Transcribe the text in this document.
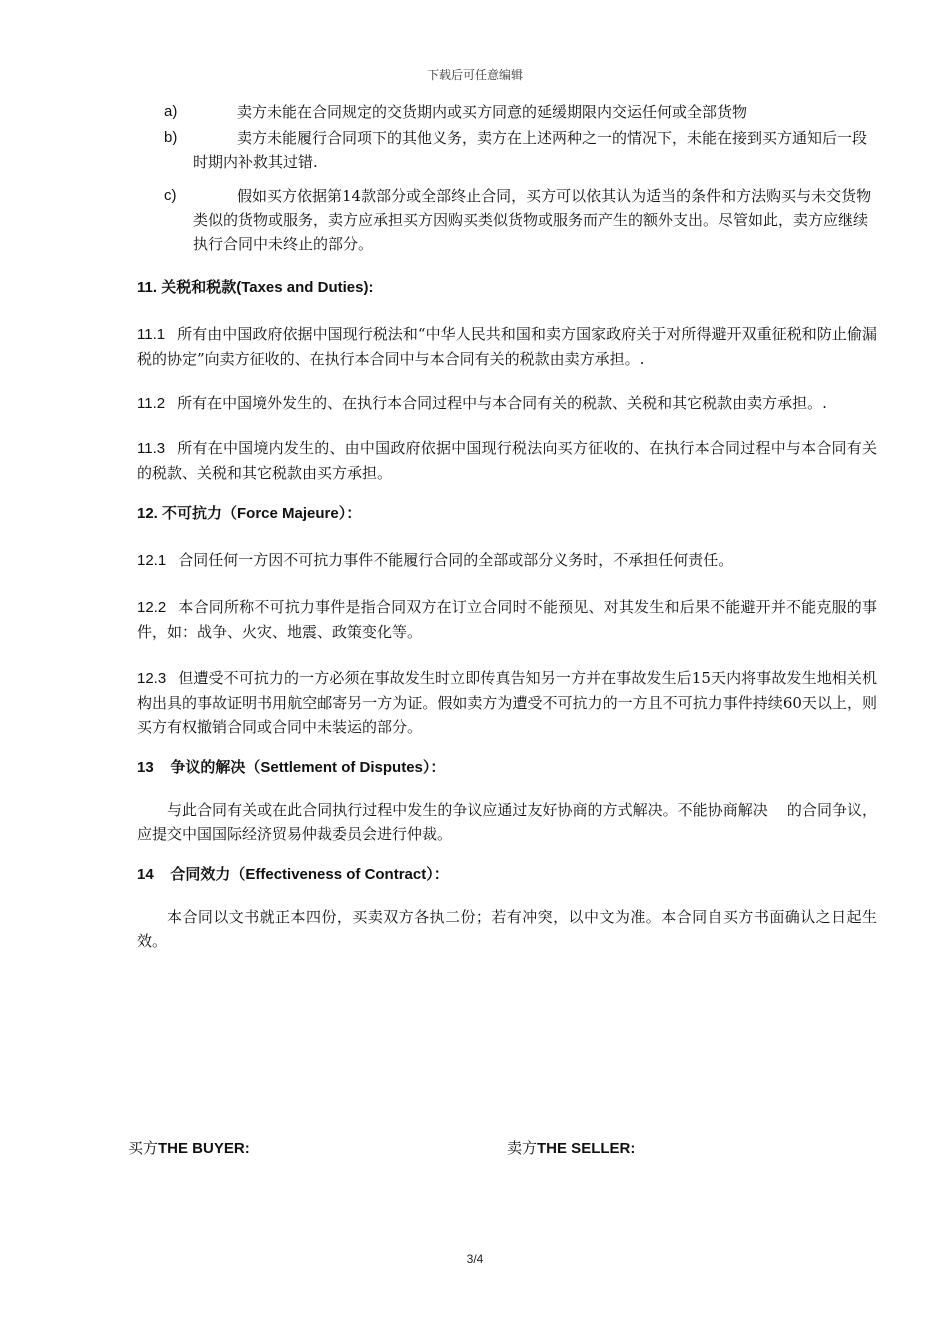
下载后可任意编辑
a)	卖方未能在合同规定的交货期内或买方同意的延缓期限内交运任何或全部货物
b)	卖方未能履行合同项下的其他义务，卖方在上述两种之一的情况下，未能在接到买方通知后一段时期内补救其过错.
c)	假如买方依据第14款部分或全部终止合同，买方可以依其认为适当的条件和方法购买与未交货物类似的货物或服务，卖方应承担买方因购买类似货物或服务而产生的额外支出。尽管如此，卖方应继续执行合同中未终止的部分。
11. 关税和税款(Taxes and Duties):
11.1 所有由中国政府依据中国现行税法和“中华人民共和国和卖方国家政府关于对所得避开双重征税和防止偷漏税的协定”向卖方征收的、在执行本合同中与本合同有关的税款由卖方承担。.
11.2 所有在中国境外发生的、在执行本合同过程中与本合同有关的税款、关税和其它税款由卖方承担。.
11.3 所有在中国境内发生的、由中国政府依据中国现行税法向买方征收的、在执行本合同过程中与本合同有关的税款、关税和其它税款由买方承担。
12. 不可抗力（Force Majeure）：
12.1 合同任何一方因不可抗力事件不能履行合同的全部或部分义务时，不承担任何责任。
12.2 本合同所称不可抗力事件是指合同双方在订立合同时不能预见、对其发生和后果不能避开并不能克服的事件，如：战争、火灾、地震、政策变化等。
12.3 但遭受不可抗力的一方必须在事故发生时立即传真告知另一方并在事故发生后15天内将事故发生地相关机构出具的事故证明书用航空邮寄另一方为证。假如卖方为遭受不可抗力的一方且不可抗力事件持续60天以上，则买方有权撤销合同或合同中未装运的部分。
13    争议的解决（Settlement of Disputes）：
与此合同有关或在此合同执行过程中发生的争议应通过友好协商的方式解决。不能协商解决    的合同争议，应提交中国国际经济贸易仲裁委员会进行仲裁。
14    合同效力（Effectiveness of Contract）：
本合同以文书就正本四份，买卖双方各执二份；若有冲突，以中文为准。本合同自买方书面确认之日起生效。
买方THE BUYER:	卖方THE SELLER:
3/4
